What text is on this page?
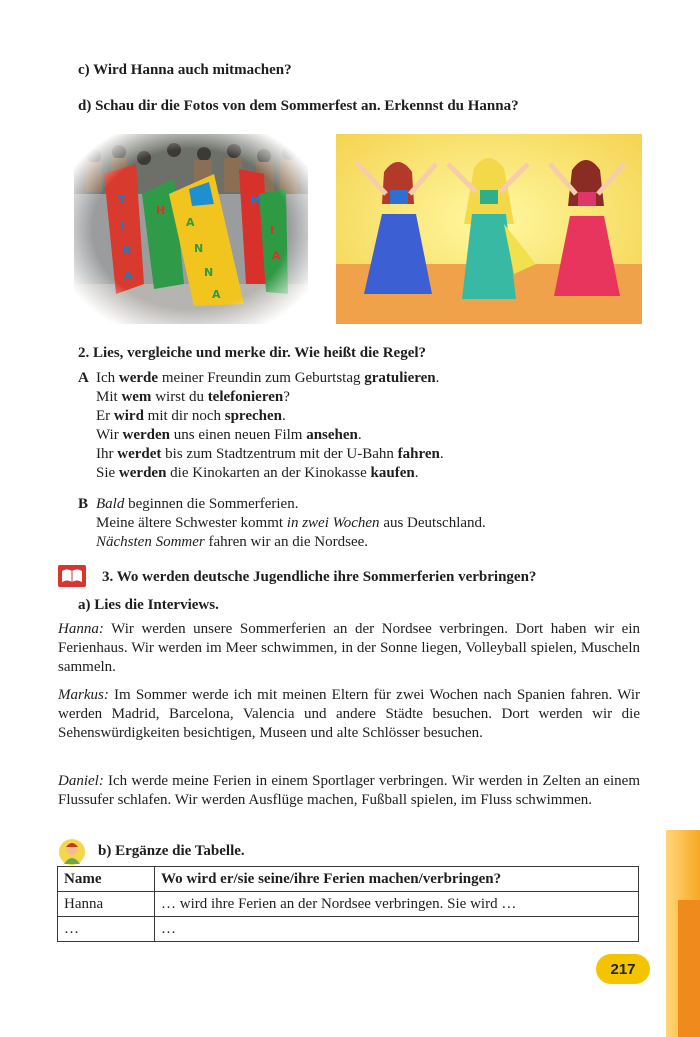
c) Wird Hanna auch mitmachen?
d) Schau dir die Fotos von dem Sommerfest an. Erkennst du Hanna?
2. Lies, vergleiche und merke dir. Wie heißt die Regel?
A Ich werde meiner Freundin zum Geburtstag gratulieren.
Mit wem wirst du telefonieren?
Er wird mit dir noch sprechen.
Wir werden uns einen neuen Film ansehen.
Ihr werdet bis zum Stadtzentrum mit der U-Bahn fahren.
Sie werden die Kinokarten an der Kinokasse kaufen.
B Bald beginnen die Sommerferien.
Meine ältere Schwester kommt in zwei Wochen aus Deutschland.
Nächsten Sommer fahren wir an die Nordsee.
3. Wo werden deutsche Jugendliche ihre Sommerferien verbringen?
a) Lies die Interviews.
Hanna: Wir werden unsere Sommerferien an der Nordsee verbringen. Dort haben wir ein Ferienhaus. Wir werden im Meer schwimmen, in der Sonne liegen, Volleyball spielen, Muscheln sammeln.
Markus: Im Sommer werde ich mit meinen Eltern für zwei Wochen nach Spanien fahren. Wir werden Madrid, Barcelona, Valencia und andere Städte besuchen. Dort werden wir die Sehenswürdigkeiten besichtigen, Museen und alte Schlösser besuchen.
Daniel: Ich werde meine Ferien in einem Sportlager verbringen. Wir werden in Zelten an einem Flussufer schlafen. Wir werden Ausflüge machen, Fußball spielen, im Fluss schwimmen.
b) Ergänze die Tabelle.
Name	Wo wird er/sie seine/ihre Ferien machen/verbringen?
Hanna	… wird ihre Ferien an der Nordsee verbringen. Sie wird …
…	…
217
